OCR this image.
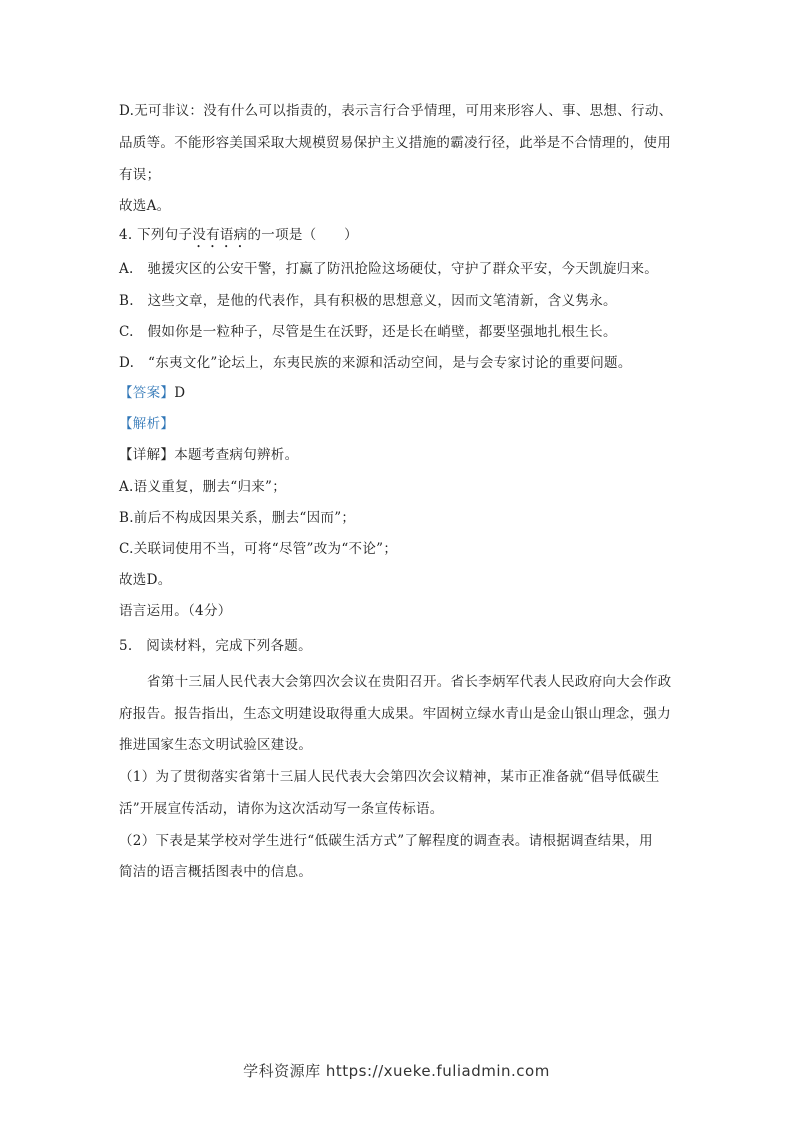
D.无可非议：没有什么可以指责的，表示言行合乎情理，可用来形容人、事、思想、行动、
品质等。不能形容美国采取大规模贸易保护主义措施的霸凌行径，此举是不合情理的，使用
有误；
故选A。
4. 下列句子没有语病的一项是（　　）
A.　驰援灾区的公安干警，打赢了防汛抢险这场硬仗，守护了群众平安，今天凯旋归来。
B.　这些文章，是他的代表作，具有积极的思想意义，因而文笔清新，含义隽永。
C.　假如你是一粒种子，尽管是生在沃野，还是长在峭壁，都要坚强地扎根生长。
D.　“东夷文化”论坛上，东夷民族的来源和活动空间，是与会专家讨论的重要问题。
【答案】D
【解析】
【详解】本题考查病句辨析。
A.语义重复，删去“归来”；
B.前后不构成因果关系，删去“因而”；
C.关联词使用不当，可将“尽管”改为“不论”；
故选D。
语言运用。（4分）
5.　阅读材料，完成下列各题。
省第十三届人民代表大会第四次会议在贵阳召开。省长李炳军代表人民政府向大会作政
府报告。报告指出，生态文明建设取得重大成果。牢固树立绿水青山是金山银山理念，强力
推进国家生态文明试验区建设。
（1）为了贯彻落实省第十三届人民代表大会第四次会议精神，某市正准备就“倡导低碳生
活”开展宣传活动，请你为这次活动写一条宣传标语。
（2）下表是某学校对学生进行“低碳生活方式”了解程度的调查表。请根据调查结果，用
简洁的语言概括图表中的信息。
学科资源库 https://xueke.fuliadmin.com
